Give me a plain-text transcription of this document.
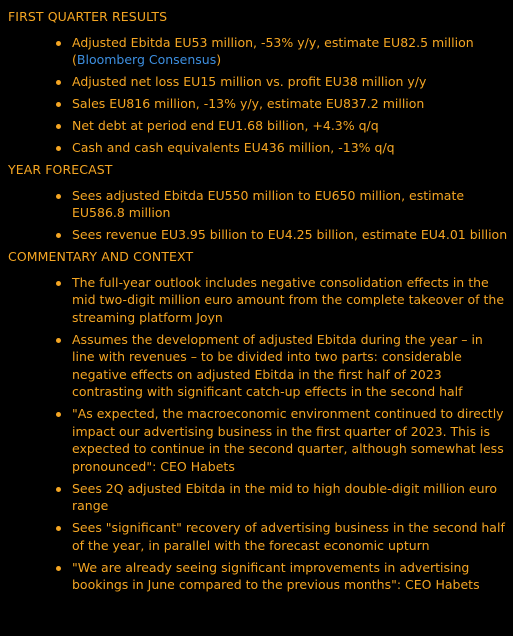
FIRST QUARTER RESULTS
Adjusted Ebitda EU53 million, -53% y/y, estimate EU82.5 million
(Bloomberg Consensus)
Adjusted net loss EU15 million vs. profit EU38 million y/y
Sales EU816 million, -13% y/y, estimate EU837.2 million
Net debt at period end EU1.68 billion, +4.3% q/q
Cash and cash equivalents EU436 million, -13% q/q
YEAR FORECAST
Sees adjusted Ebitda EU550 million to EU650 million, estimate EU586.8 million
Sees revenue EU3.95 billion to EU4.25 billion, estimate EU4.01 billion
COMMENTARY AND CONTEXT
The full-year outlook includes negative consolidation effects in the mid two-digit million euro amount from the complete takeover of the streaming platform Joyn
Assumes the development of adjusted Ebitda during the year – in line with revenues – to be divided into two parts: considerable negative effects on adjusted Ebitda in the first half of 2023 contrasting with significant catch-up effects in the second half
"As expected, the macroeconomic environment continued to directly impact our advertising business in the first quarter of 2023. This is expected to continue in the second quarter, although somewhat less pronounced": CEO Habets
Sees 2Q adjusted Ebitda in the mid to high double-digit million euro range
Sees "significant" recovery of advertising business in the second half of the year, in parallel with the forecast economic upturn
"We are already seeing significant improvements in advertising bookings in June compared to the previous months": CEO Habets
